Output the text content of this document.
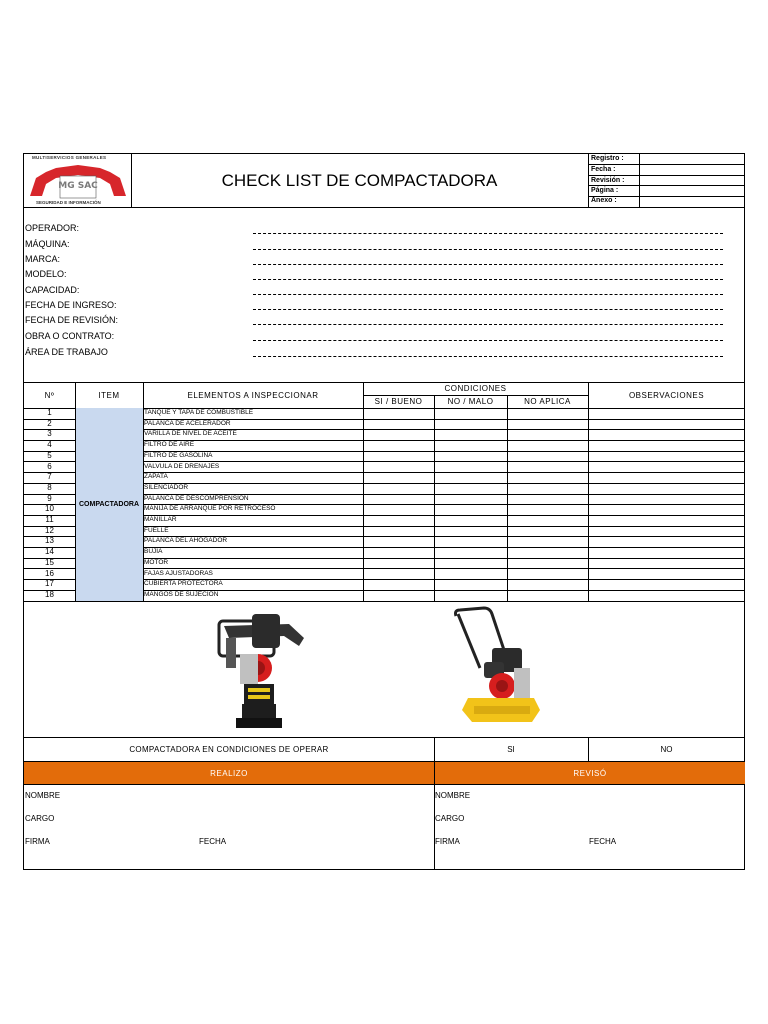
MULTISERVICIOS GENERALES
MG SAC
SEGURIDAD E INFORMACIÓN
CHECK LIST DE COMPACTADORA
Registro :
Fecha :
Revisión :
Página :
Anexo :
OPERADOR:
MÁQUINA:
MARCA:
MODELO:
CAPACIDAD:
FECHA DE INGRESO:
FECHA DE REVISIÓN:
OBRA O CONTRATO:
ÁREA DE TRABAJO
Nº	ITEM	ELEMENTOS A INSPECCIONAR
CONDICIONES
SI / BUENO	NO / MALO	NO APLICA
OBSERVACIONES
COMPACTADORA
1	TANQUE Y TAPA DE COMBUSTIBLE
2	PALANCA DE ACELERADOR
3	VARILLA DE NIVEL DE ACEITE
4	FILTRO DE AIRE
5	FILTRO DE GASOLINA
6	VALVULA DE DRENAJES
7	ZAPATA
8	SILENCIADOR
9	PALANCA DE DESCOMPRENSION
10	MANIJA DE ARRANQUE POR RETROCESO
11	MANILLAR
12	FUELLE
13	PALANCA DEL AHOGADOR
14	BUJIA
15	MOTOR
16	FAJAS AJUSTADORAS
17	CUBIERTA PROTECTORA
18	MANGOS DE SUJECION
COMPACTADORA EN CONDICIONES DE OPERAR	SI	NO
REALIZO	REVISÓ
NOMBRE
CARGO
FIRMA	FECHA
NOMBRE
CARGO
FIRMA	FECHA
